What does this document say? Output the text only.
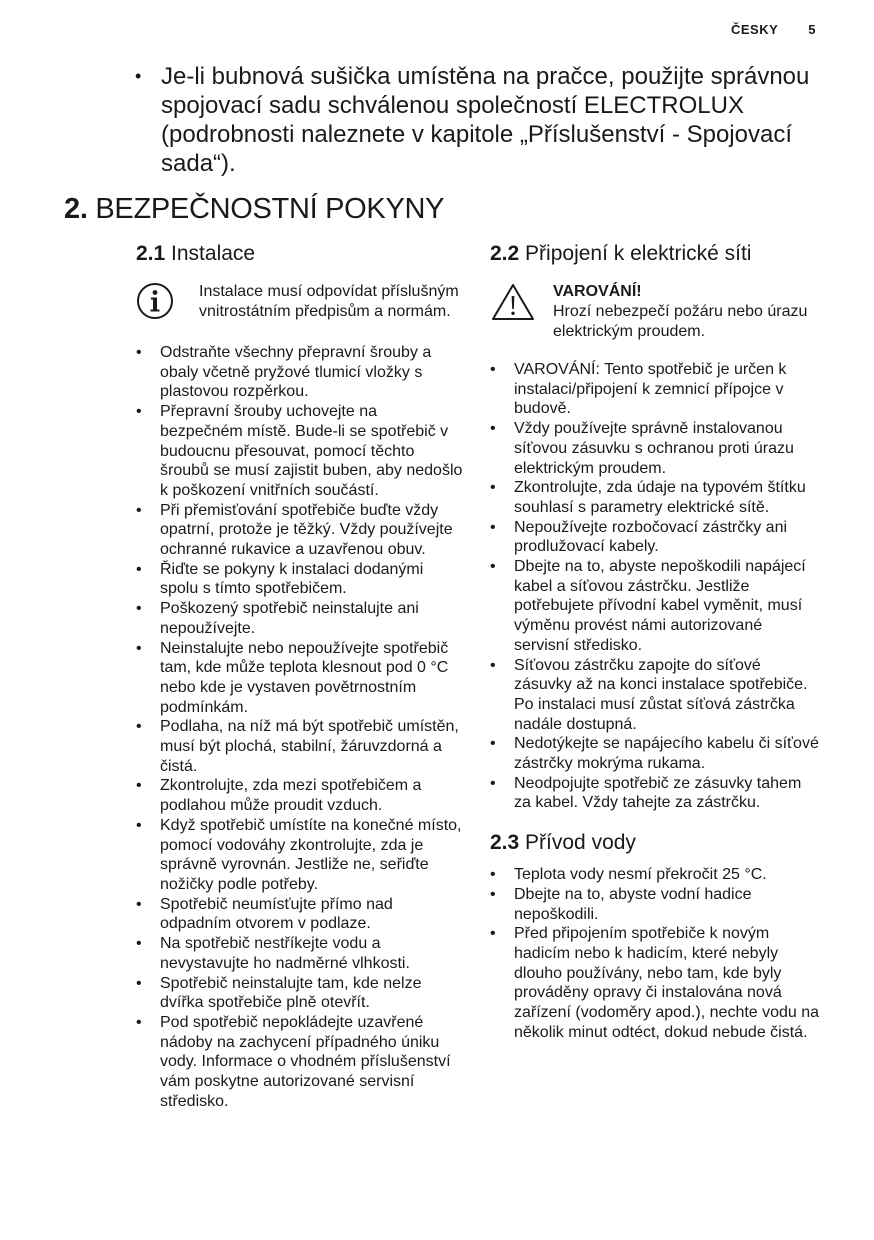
ČESKY 5
• Je-li bubnová sušička umístěna na pračce, použijte správnou spojovací sadu schválenou společností ELECTROLUX (podrobnosti naleznete v kapitole „Příslušenství - Spojovací sada“).
2. BEZPEČNOSTNÍ POKYNY
2.1 Instalace
Instalace musí odpovídat příslušným vnitrostátním předpisům a normám.
• Odstraňte všechny přepravní šrouby a obaly včetně pryžové tlumicí vložky s plastovou rozpěrkou.
• Přepravní šrouby uchovejte na bezpečném místě. Bude-li se spotřebič v budoucnu přesouvat, pomocí těchto šroubů se musí zajistit buben, aby nedošlo k poškození vnitřních součástí.
• Při přemisťování spotřebiče buďte vždy opatrní, protože je těžký. Vždy používejte ochranné rukavice a uzavřenou obuv.
• Řiďte se pokyny k instalaci dodanými spolu s tímto spotřebičem.
• Poškozený spotřebič neinstalujte ani nepoužívejte.
• Neinstalujte nebo nepoužívejte spotřebič tam, kde může teplota klesnout pod 0 °C nebo kde je vystaven povětrnostním podmínkám.
• Podlaha, na níž má být spotřebič umístěn, musí být plochá, stabilní, žáruvzdorná a čistá.
• Zkontrolujte, zda mezi spotřebičem a podlahou může proudit vzduch.
• Když spotřebič umístíte na konečné místo, pomocí vodováhy zkontrolujte, zda je správně vyrovnán. Jestliže ne, seřiďte nožičky podle potřeby.
• Spotřebič neumísťujte přímo nad odpadním otvorem v podlaze.
• Na spotřebič nestříkejte vodu a nevystavujte ho nadměrné vlhkosti.
• Spotřebič neinstalujte tam, kde nelze dvířka spotřebiče plně otevřít.
• Pod spotřebič nepokládejte uzavřené nádoby na zachycení případného úniku vody. Informace o vhodném příslušenství vám poskytne autorizované servisní středisko.
2.2 Připojení k elektrické síti
VAROVÁNÍ!
Hrozí nebezpečí požáru nebo úrazu elektrickým proudem.
• VAROVÁNÍ: Tento spotřebič je určen k instalaci/připojení k zemnicí přípojce v budově.
• Vždy používejte správně instalovanou síťovou zásuvku s ochranou proti úrazu elektrickým proudem.
• Zkontrolujte, zda údaje na typovém štítku souhlasí s parametry elektrické sítě.
• Nepoužívejte rozbočovací zástrčky ani prodlužovací kabely.
• Dbejte na to, abyste nepoškodili napájecí kabel a síťovou zástrčku. Jestliže potřebujete přívodní kabel vyměnit, musí výměnu provést námi autorizované servisní středisko.
• Síťovou zástrčku zapojte do síťové zásuvky až na konci instalace spotřebiče. Po instalaci musí zůstat síťová zástrčka nadále dostupná.
• Nedotýkejte se napájecího kabelu či síťové zástrčky mokrýma rukama.
• Neodpojujte spotřebič ze zásuvky tahem za kabel. Vždy tahejte za zástrčku.
2.3 Přívod vody
• Teplota vody nesmí překročit 25 °C.
• Dbejte na to, abyste vodní hadice nepoškodili.
• Před připojením spotřebiče k novým hadicím nebo k hadicím, které nebyly dlouho používány, nebo tam, kde byly prováděny opravy či instalována nová zařízení (vodoměry apod.), nechte vodu na několik minut odtéct, dokud nebude čistá.
